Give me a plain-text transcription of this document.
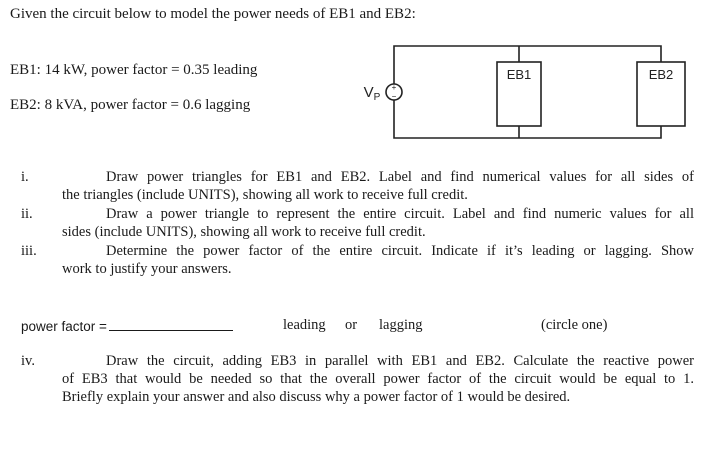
Given the circuit below to model the power needs of EB1 and EB2:
EB1: 14 kW, power factor = 0.35 leading
EB2: 8 kVA, power factor = 0.6 lagging
+
−
$V_P$
EB1	EB2
i.	Draw power triangles for EB1 and EB2. Label and find numerical values for all sides of
the triangles (include UNITS), showing all work to receive full credit.
ii.	Draw a power triangle to represent the entire circuit. Label and find numeric values for all
sides (include UNITS), showing all work to receive full credit.
iii.	Determine the power factor of the entire circuit. Indicate if it’s leading or lagging. Show
work to justify your answers.
power factor =	leading or lagging	(circle one)
iv.	Draw the circuit, adding EB3 in parallel with EB1 and EB2. Calculate the reactive power
of EB3 that would be needed so that the overall power factor of the circuit would be equal to 1.
Briefly explain your answer and also discuss why a power factor of 1 would be desired.
